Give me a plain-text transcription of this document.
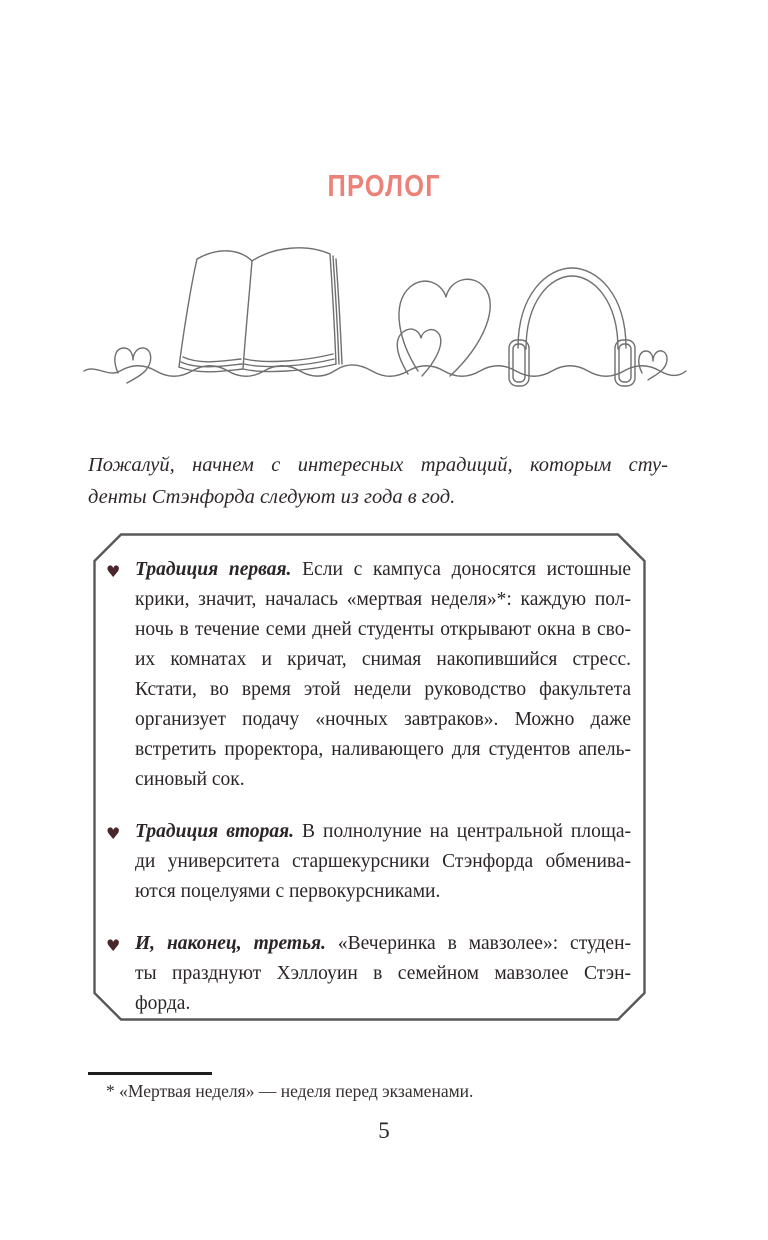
ПРОЛОГ
Пожалуй, начнем с интересных традиций, которым сту-
денты Стэнфорда следуют из года в год.
♥ Традиция первая. Если с кампуса доносятся истошные
крики, значит, началась «мертвая неделя»*: каждую пол-
ночь в течение семи дней студенты открывают окна в сво-
их комнатах и кричат, снимая накопившийся стресс.
Кстати, во время этой недели руководство факультета
организует подачу «ночных завтраков». Можно даже
встретить проректора, наливающего для студентов апель-
синовый сок.
♥ Традиция вторая. В полнолуние на центральной площа-
ди университета старшекурсники Стэнфорда обменива-
ются поцелуями с первокурсниками.
♥ И, наконец, третья. «Вечеринка в мавзолее»: студен-
ты празднуют Хэллоуин в семейном мавзолее Стэн-
форда.
* «Мертвая неделя» — неделя перед экзаменами.
5
